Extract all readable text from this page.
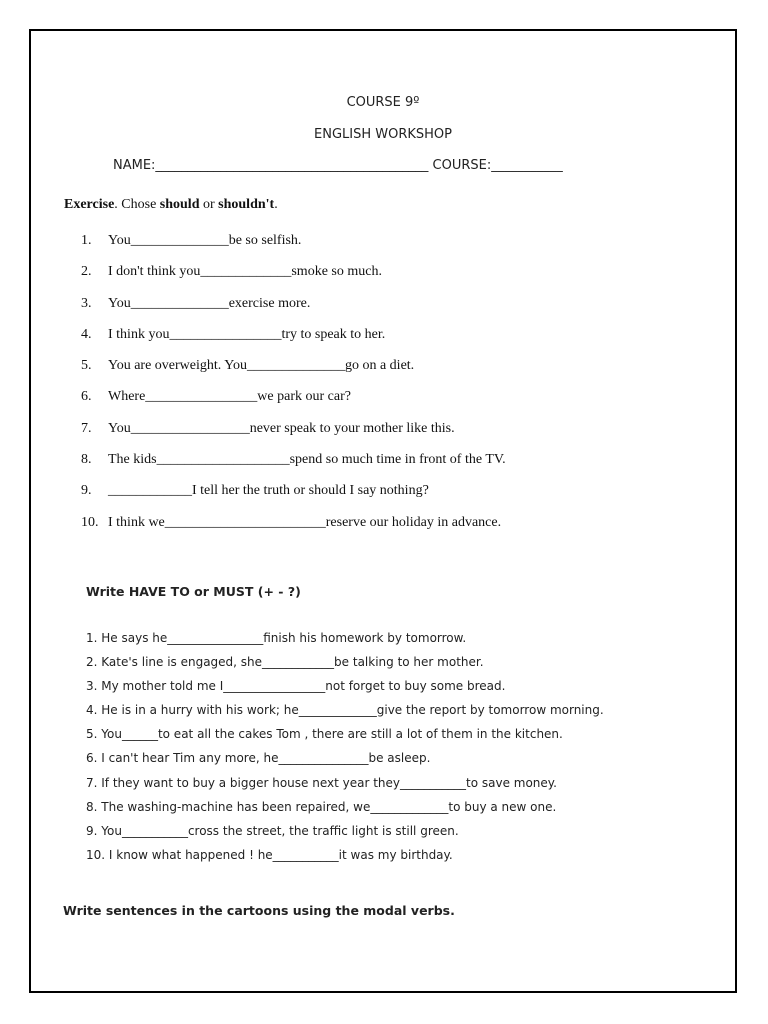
COURSE 9º
ENGLISH WORKSHOP
NAME:__________________________________________ COURSE:___________
Exercise. Chose should or shouldn't.
1. You______________be so selfish.
2. I don't think you_____________smoke so much.
3. You______________exercise more.
4. I think you________________try to speak to her.
5. You are overweight. You______________go on a diet.
6. Where________________we park our car?
7. You_________________never speak to your mother like this.
8. The kids___________________spend so much time in front of the TV.
9. ____________I tell her the truth or should I say nothing?
10. I think we_______________________reserve our holiday in advance.
Write HAVE TO or MUST (+ - ?)
1. He says he________________finish his homework by tomorrow.
2. Kate's line is engaged, she____________be talking to her mother.
3. My mother told me I_________________not forget to buy some bread.
4. He is in a hurry with his work; he_____________give the report by tomorrow morning.
5. You______to eat all the cakes Tom , there are still a lot of them in the kitchen.
6. I can't hear Tim any more, he_______________be asleep.
7. If they want to buy a bigger house next year they___________to save money.
8. The washing-machine has been repaired, we_____________to buy a new one.
9. You___________cross the street, the traffic light is still green.
10. I know what happened ! he___________it was my birthday.
Write sentences in the cartoons using the modal verbs.
